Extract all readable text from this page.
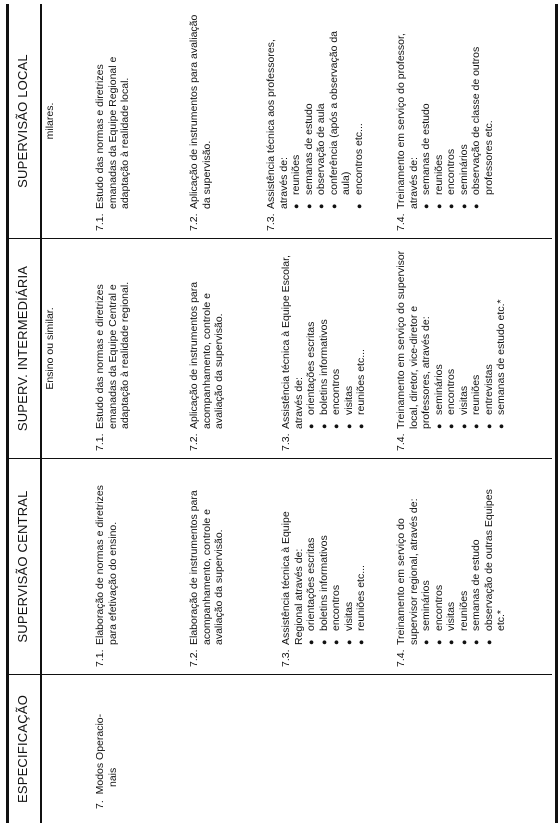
ESPECIFICAÇÃO
SUPERVISÃO CENTRAL
SUPERV. INTERMEDIÁRIA
SUPERVISÃO LOCAL
Ensino ou similar.
milares.
7.  Modos Operacio-
nais
7.1.
Elaboração de normas e diretrizes para efetivação do ensino.
7.2.
Elaboração de instrumentos para acompanhamento, controle e avaliação da supervisão.
7.3.
Assistência técnica à Equipe Regional através de: ● orientações escritas ● boletins informativos ● encontros ● visitas ● reuniões etc...
7.4.
Treinamento em serviço do supervisor regional, através de: ● seminários ● encontros ● visitas ● reuniões ● semanas de estudo ● observação de outras Equipes etc.*
7.1.
Estudo das normas e diretrizes emanadas da Equipe Central e adaptação à realidade regional.
7.2.
Aplicação de instrumentos para acompanhamento, controle e avaliação da supervisão.
7.3.
Assistência técnica à Equipe Escolar, através de: ● orientações escritas ● boletins informativos ● encontros ● visitas ● reuniões etc...
7.4.
Treinamento em serviço do supervisor local, diretor, vice-diretor e professores, através de: ● seminários ● encontros ● visitas ● reuniões ● entrevistas ● semanas de estudo etc.*
7.1.
Estudo das normas e diretrizes emanadas da Equipe Regional e adaptação à realidade local.
7.2.
Aplicação de instrumentos para avaliação da supervisão.
7.3.
Assistência técnica aos professores, através de: ● reuniões ● semanas de estudo ● observação de aula ● conferência (após a observação da aula) ● encontros etc...
7.4.
Treinamento em serviço do professor, através de: ● semanas de estudo ● reuniões ● encontros ● seminários ● observação de classe de outros professores etc.
